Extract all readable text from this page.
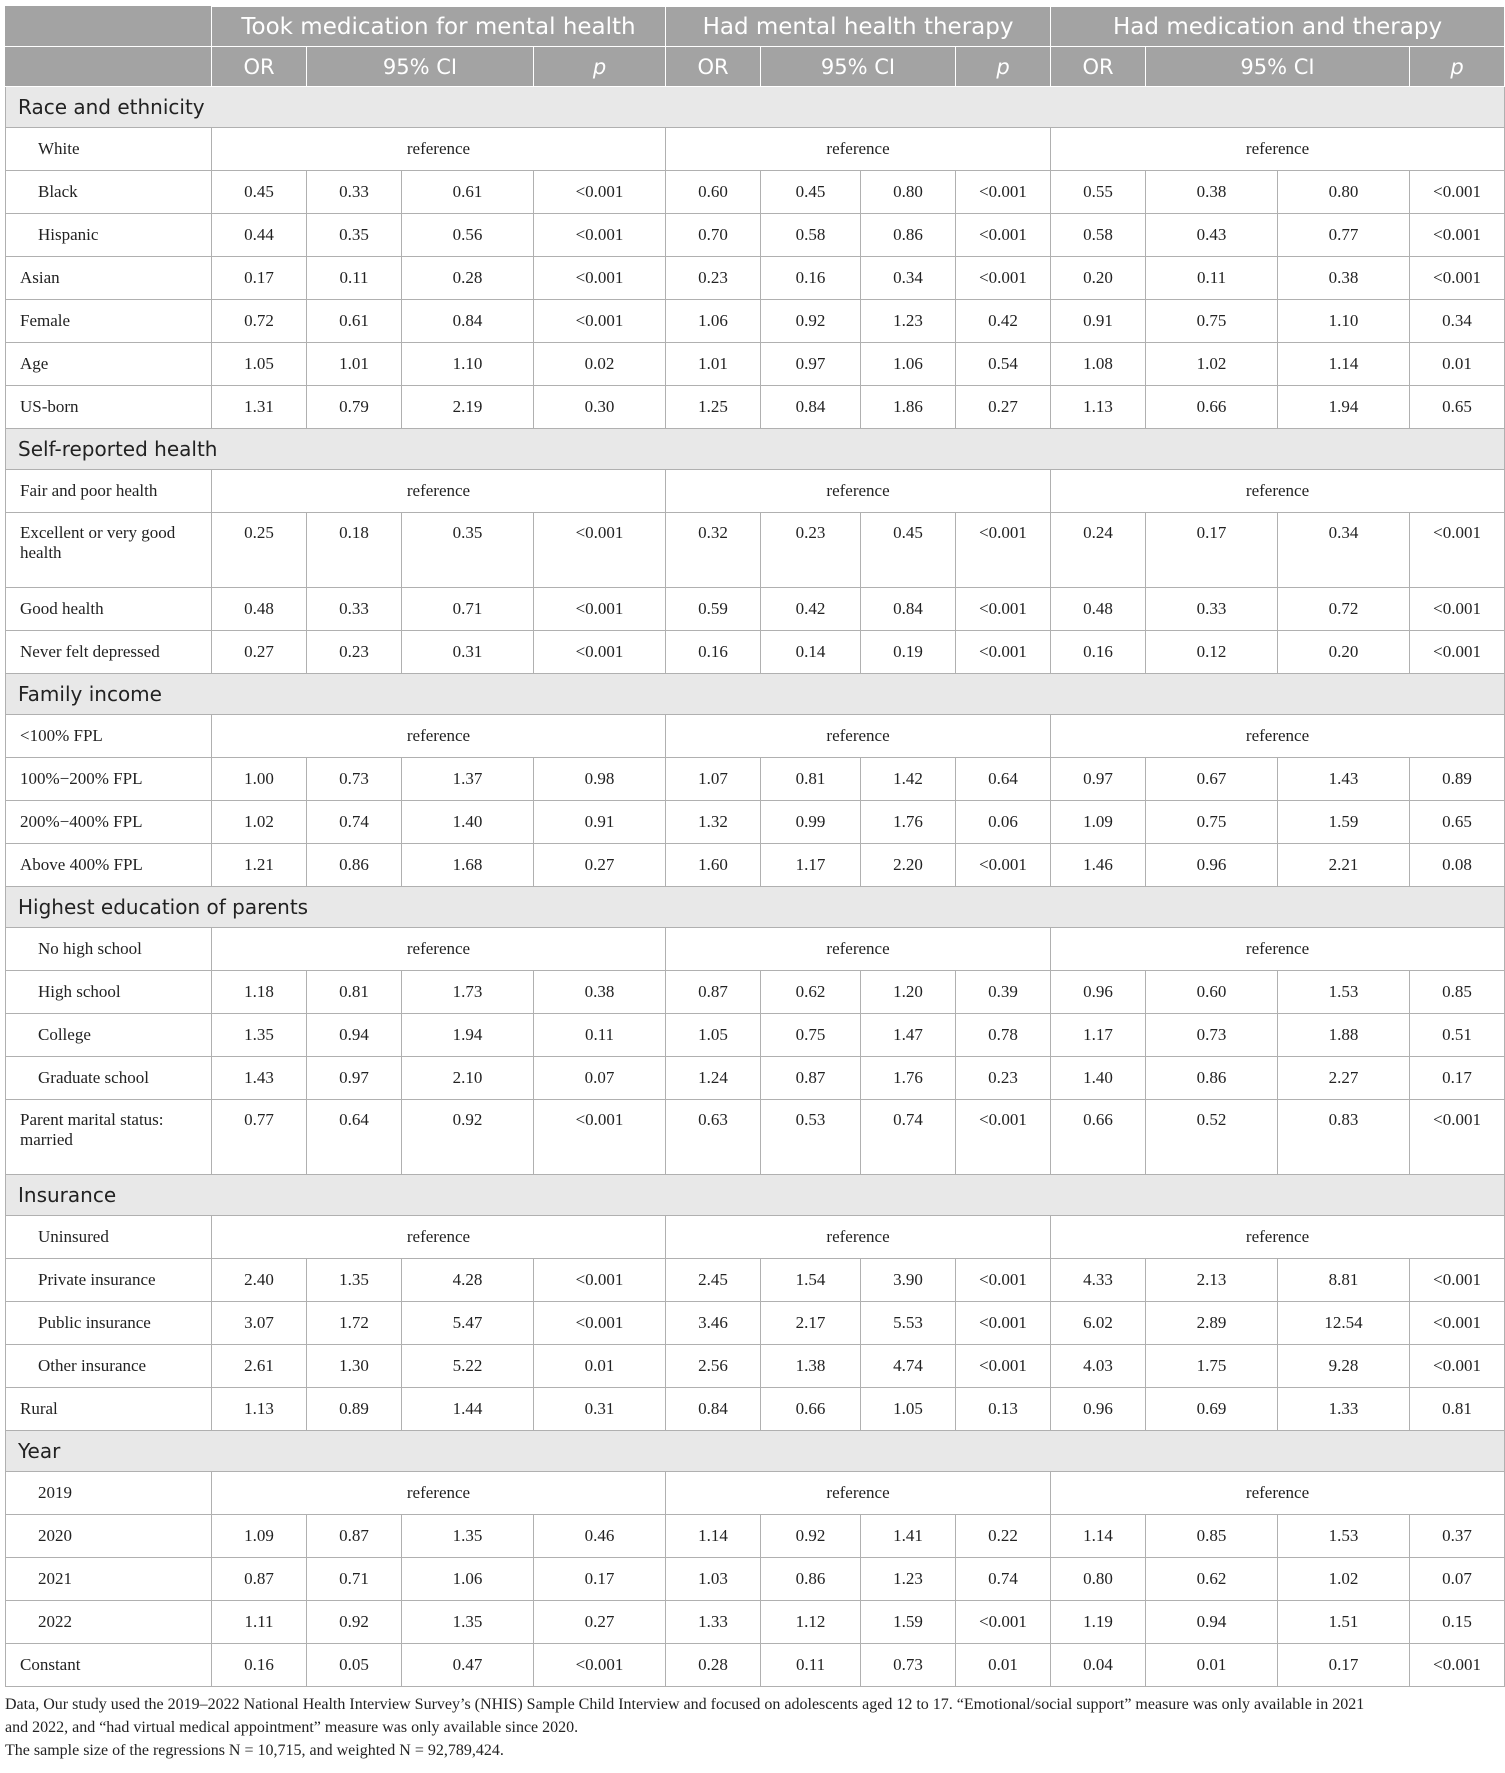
	Took medication for mental health				Had mental health therapy				Had medication and therapy			
	OR	95% CI		p	OR	95% CI		p	OR	95% CI		p
Race and ethnicity												
White	reference				reference				reference			
Black	0.45	0.33	0.61	<0.001	0.60	0.45	0.80	<0.001	0.55	0.38	0.80	<0.001
Hispanic	0.44	0.35	0.56	<0.001	0.70	0.58	0.86	<0.001	0.58	0.43	0.77	<0.001
Asian	0.17	0.11	0.28	<0.001	0.23	0.16	0.34	<0.001	0.20	0.11	0.38	<0.001
Female	0.72	0.61	0.84	<0.001	1.06	0.92	1.23	0.42	0.91	0.75	1.10	0.34
Age	1.05	1.01	1.10	0.02	1.01	0.97	1.06	0.54	1.08	1.02	1.14	0.01
US-born	1.31	0.79	2.19	0.30	1.25	0.84	1.86	0.27	1.13	0.66	1.94	0.65
Self-reported health												
Fair and poor health	reference				reference				reference			
Excellent or very good health	0.25	0.18	0.35	<0.001	0.32	0.23	0.45	<0.001	0.24	0.17	0.34	<0.001
Good health	0.48	0.33	0.71	<0.001	0.59	0.42	0.84	<0.001	0.48	0.33	0.72	<0.001
Never felt depressed	0.27	0.23	0.31	<0.001	0.16	0.14	0.19	<0.001	0.16	0.12	0.20	<0.001
Family income												
<100% FPL	reference				reference				reference			
100%−200% FPL	1.00	0.73	1.37	0.98	1.07	0.81	1.42	0.64	0.97	0.67	1.43	0.89
200%−400% FPL	1.02	0.74	1.40	0.91	1.32	0.99	1.76	0.06	1.09	0.75	1.59	0.65
Above 400% FPL	1.21	0.86	1.68	0.27	1.60	1.17	2.20	<0.001	1.46	0.96	2.21	0.08
Highest education of parents												
No high school	reference				reference				reference			
High school	1.18	0.81	1.73	0.38	0.87	0.62	1.20	0.39	0.96	0.60	1.53	0.85
College	1.35	0.94	1.94	0.11	1.05	0.75	1.47	0.78	1.17	0.73	1.88	0.51
Graduate school	1.43	0.97	2.10	0.07	1.24	0.87	1.76	0.23	1.40	0.86	2.27	0.17
Parent marital status: married	0.77	0.64	0.92	<0.001	0.63	0.53	0.74	<0.001	0.66	0.52	0.83	<0.001
Insurance												
Uninsured	reference				reference				reference			
Private insurance	2.40	1.35	4.28	<0.001	2.45	1.54	3.90	<0.001	4.33	2.13	8.81	<0.001
Public insurance	3.07	1.72	5.47	<0.001	3.46	2.17	5.53	<0.001	6.02	2.89	12.54	<0.001
Other insurance	2.61	1.30	5.22	0.01	2.56	1.38	4.74	<0.001	4.03	1.75	9.28	<0.001
Rural	1.13	0.89	1.44	0.31	0.84	0.66	1.05	0.13	0.96	0.69	1.33	0.81
Year												
2019	reference				reference				reference			
2020	1.09	0.87	1.35	0.46	1.14	0.92	1.41	0.22	1.14	0.85	1.53	0.37
2021	0.87	0.71	1.06	0.17	1.03	0.86	1.23	0.74	0.80	0.62	1.02	0.07
2022	1.11	0.92	1.35	0.27	1.33	1.12	1.59	<0.001	1.19	0.94	1.51	0.15
Constant	0.16	0.05	0.47	<0.001	0.28	0.11	0.73	0.01	0.04	0.01	0.17	<0.001
Data, Our study used the 2019–2022 National Health Interview Survey’s (NHIS) Sample Child Interview and focused on adolescents aged 12 to 17. “Emotional/social support” measure was only available in 2021 and 2022, and “had virtual medical appointment” measure was only available since 2020.
The sample size of the regressions N = 10,715, and weighted N = 92,789,424.
